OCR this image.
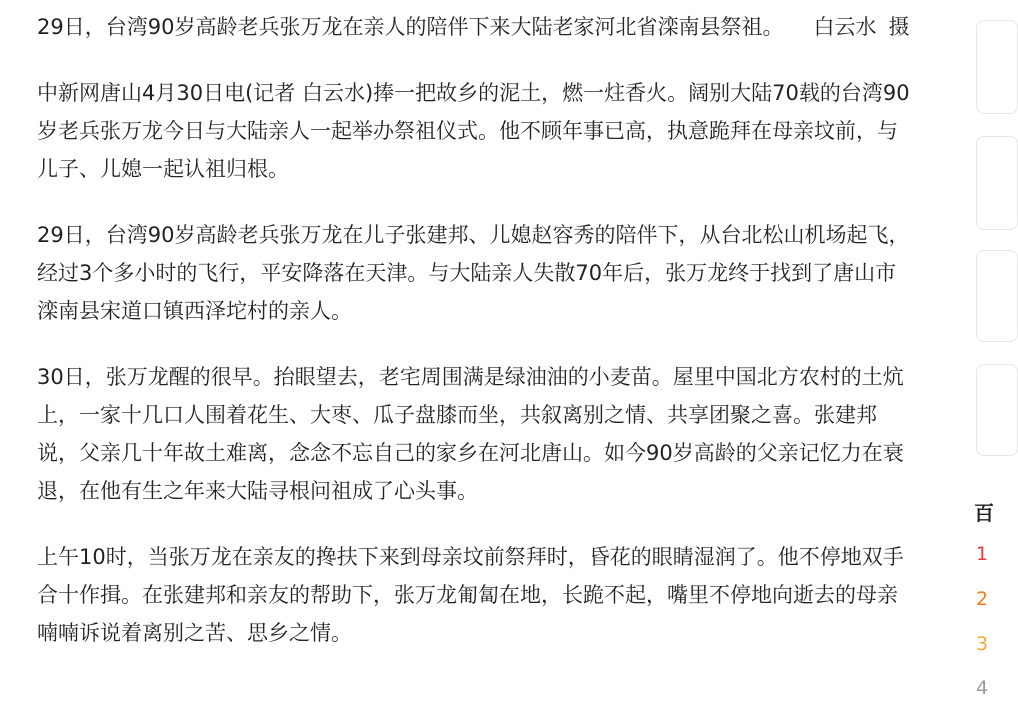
29日，台湾90岁高龄老兵张万龙在亲人的陪伴下来大陆老家河北省滦南县祭祖。 白云水 摄

中新网唐山4月30日电(记者 白云水)捧一把故乡的泥土，燃一炷香火。阔别大陆70载的台湾90岁老兵张万龙今日与大陆亲人一起举办祭祖仪式。他不顾年事已高，执意跪拜在母亲坟前，与儿子、儿媳一起认祖归根。

29日，台湾90岁高龄老兵张万龙在儿子张建邦、儿媳赵容秀的陪伴下，从台北松山机场起飞，经过3个多小时的飞行，平安降落在天津。与大陆亲人失散70年后，张万龙终于找到了唐山市滦南县宋道口镇西泽坨村的亲人。

30日，张万龙醒的很早。抬眼望去，老宅周围满是绿油油的小麦苗。屋里中国北方农村的土炕上，一家十几口人围着花生、大枣、瓜子盘膝而坐，共叙离别之情、共享团聚之喜。张建邦说，父亲几十年故土难离，念念不忘自己的家乡在河北唐山。如今90岁高龄的父亲记忆力在衰退，在他有生之年来大陆寻根问祖成了心头事。

上午10时，当张万龙在亲友的搀扶下来到母亲坟前祭拜时，昏花的眼睛湿润了。他不停地双手合十作揖。在张建邦和亲友的帮助下，张万龙匍匐在地，长跪不起，嘴里不停地向逝去的母亲喃喃诉说着离别之苦、思乡之情。

百
1
2
3
4
